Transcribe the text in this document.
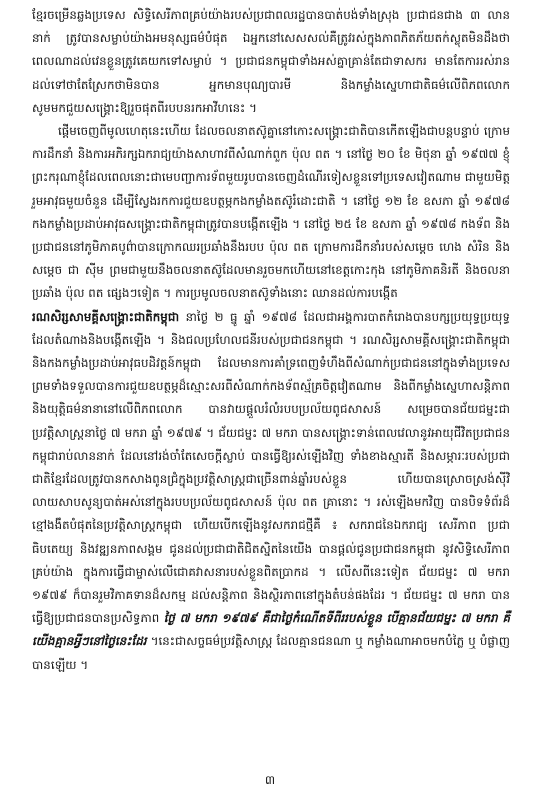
ខ្មែរចម្រើនឆ្លងប្រទេស សិទ្ធិសេរីភាពគ្រប់យ៉ាងរបស់ប្រជាពលរដ្ឋបានបាត់បង់ទាំងស្រុង ប្រជាជនជាង ៣ លាននាក់ ត្រូវបានសម្លាប់យ៉ាងអមនុស្សធម៌បំផុត ឯអ្នកនៅសេសសល់គឺត្រូវរស់ក្នុងភាពភិតភ័យតក់ស្លុតមិនដឹងថាពេលណាដល់វេនខ្លួនត្រូវគេយកទៅសម្លាប់ ។ ប្រជាជនកម្ពុជាទាំងអស់គ្នាគ្រាន់តែជាទាសករ មានតែការរស់រាន ដល់ទៅថាតែស្រែកថាមិនបាន អ្នកមានបុណ្យបារមី និងកម្លាំងស្នេហាជាតិធម៌លើពិភពលោកសូមមកជួយសង្គ្រោះឱ្យរួចផុតពីរបបនរកអាវីហនេះ ។

ផ្តើមចេញពីមូលហេតុនេះហើយ ដែលចលនាតស៊ូគ្នានៅកោះសង្គ្រោះជាតិបានកើតឡើងជាបន្តបន្ទាប់ ក្រោមការដឹកនាំ និងការអភិរក្សឯករាជ្យយ៉ាងសាហាវពីសំណាក់ពួក ប៉ុល ពត ។ នៅថ្ងៃ ២០ ខែ មិថុនា ឆ្នាំ ១៩៧៧ ខ្ញុំព្រះករុណាខ្ញុំដែលពេលនោះជាមេបញ្ជាការទ័ពមួយរូបបានចេញដំណើរទៀសខ្លួនទៅប្រទេសវៀតណាម ជាមួយមិត្តរួមអាវុធមួយចំនួន ដើម្បីស្វែងរកការជួយឧបត្ថម្ភកងកម្លាំងតស៊ូរំដោះជាតិ ។ នៅថ្ងៃ ១២ ខែ ឧសភា ឆ្នាំ ១៩៧៨ កងកម្លាំងប្រដាប់អាវុធសង្គ្រោះជាតិកម្ពុជាត្រូវបានបង្កើតឡើង ។ នៅថ្ងៃ ២៥ ខែ ឧសភា ឆ្នាំ ១៩៧៨ កងទ័ព និងប្រជាជននៅភូមិភាគបូព៌ាបានក្រោកឈរប្រឆាំងនឹងរបប ប៉ុល ពត ក្រោមការដឹកនាំរបស់សម្តេច ហេង សំរិន និងសម្តេច ជា ស៊ីម ព្រមជាមួយនឹងចលនាតស៊ូដែលមានរួចមកហើយនៅខេត្តកោះកុង នៅភូមិភាគនិរតី និងចលនាប្រឆាំង ប៉ុល ពត ផ្សេងៗទៀត ។ ការប្រមូលចលនាតស៊ូទាំងនោះ ឈានដល់ការបង្កើត

រណសិរ្សសាមគ្គីសង្គ្រោះជាតិកម្ពុជា នាថ្ងៃ ២ ធ្នូ ឆ្នាំ ១៩៧៨ ដែលជាអង្គការបាតកំរោងបានបក្សប្រយុទ្ធប្រយុទ្ធដែលតំណាងនិងបង្កើតឡើង ។ និងជលប្រហែលជនីរបស់ប្រជាជនកម្ពុជា ។ រណសិរ្សសាមគ្គីសង្គ្រោះជាតិកម្ពុជា និងកងកម្លាំងប្រដាប់អាវុធបដិវត្តន៍កម្ពុជា ដែលមានការគាំទ្រពេញទំហឹងពីសំណាក់ប្រជាជននៅក្នុងទាំងប្រទេស ព្រមទាំងទទួលបានការជួយឧបត្ថម្ភដ៏ស្មោះសរពីសំណាក់កងទ័ពស្ម័គ្រចិត្តវៀតណាម និងពីកម្លាំងស្នេហាសន្តិភាព និងយុត្តិធម៌នានានៅលើពិភពលោក បានវាយផ្តួលរំលំរបបប្រល័យពូជសាសន៍ សម្រេចបានជ័យជម្នះជាប្រវត្តិសាស្ត្រនាថ្ងៃ ៧ មករា ឆ្នាំ ១៩៧៩ ។ ជ័យជម្នះ ៧ មករា បានសង្គ្រោះទាន់ពេលវេលានូវអាយុជីវិតប្រជាជនកម្ពុជារាប់លាននាក់ ដែលនៅរង់ចាំតែសេចក្តីស្លាប់ បានធ្វើឱ្យរស់ឡើងវិញ ទាំងខាងស្មារតី និងសម្ភារៈរបស់ប្រជាជាតិខ្មែរដែលត្រូវបានកសាងពូនជ្រំក្នុងប្រវត្តិសាស្ត្រជាច្រើនពាន់ឆ្នាំរបស់ខ្លួន ហើយបានស្រោចស្រង់ស៊ីវិលាយសាបសូន្យបាត់អស់នៅក្នុងរបបប្រល័យពូជសាសន៍ ប៉ុល ពត គ្រានោះ ។ រស់ឡើងមកវិញ បានបិទទំព័រដ៏ខ្មៅងងឹតបំផុតនៃប្រវត្តិសាស្ត្រកម្ពុជា ហើយបើកឡើងនូវសករាជថ្មីគឺ ៖ សករាជនៃឯករាជ្យ សេរីភាព ប្រជាធិបតេយ្យ និងវឌ្ឍនភាពសង្គម ជូនដល់ប្រជាជាតិជិតស្និតនៃយើង បានផ្តល់ជូនប្រជាជនកម្ពុជា នូវសិទ្ធិសេរីភាពគ្រប់យ៉ាង ក្នុងការធ្វើជាម្ចាស់លើជោគវាសនារបស់ខ្លួនពិតប្រាកដ ។ លើសពីនេះទៀត ជ័យជម្នះ ៧ មករា ១៩៧៩ ក៏បានរួមវិភាគទានដ៏សកម្ម ដល់សន្តិភាព និងស្ថិរភាពនៅក្នុងតំបន់ផងដែរ ។ ជ័យជម្នះ ៧ មករា បានធ្វើឱ្យប្រជាជនបានប្រសិទ្ធភាព ថ្ងៃ ៧ មករា ១៩៧៩ គឺជាថ្ងៃកំណើតទីពីររបស់ខ្លួន បើគ្មានជ័យជម្នះ ៧ មករា គឺយើងគ្មានអ្វីៗនៅថ្ងៃនេះដែរ ។នេះជាសច្ចធម៌ប្រវត្តិសាស្ត្រ ដែលគ្មានជនណា ឬ កម្លាំងណាអាចមកបំភ្លៃ ឬ បំផ្លាញបានឡើយ ។

៣
